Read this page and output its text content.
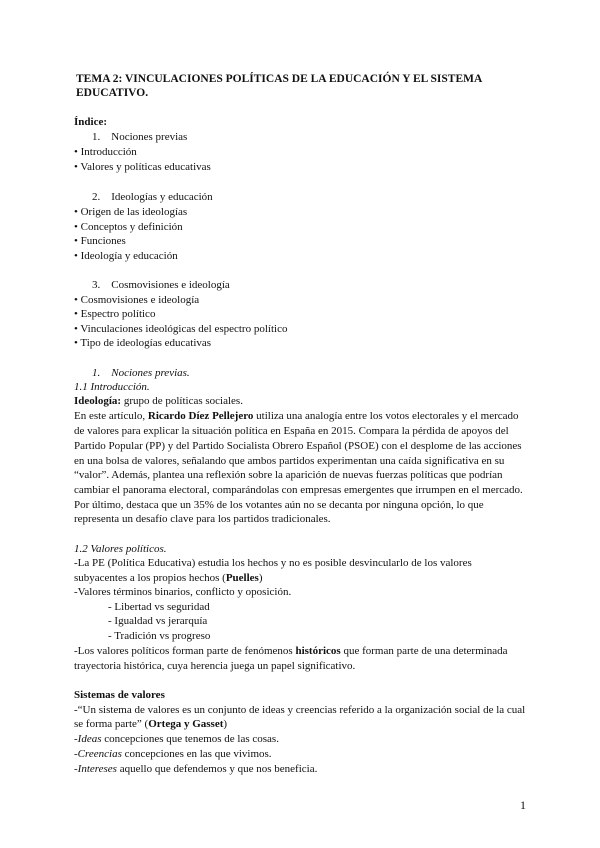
TEMA 2: VINCULACIONES POLÍTICAS DE LA EDUCACIÓN Y EL SISTEMA
EDUCATIVO.
Índice:
1. Nociones previas
• Introducción
• Valores y políticas educativas
2. Ideologías y educación
• Origen de las ideologías
• Conceptos y definición
• Funciones
• Ideología y educación
3. Cosmovisiones e ideología
• Cosmovisiones e ideología
• Espectro político
• Vinculaciones ideológicas del espectro político
• Tipo de ideologías educativas
1. Nociones previas.
1.1 Introducción.
Ideología: grupo de políticas sociales.
En este artículo, Ricardo Díez Pellejero utiliza una analogía entre los votos electorales y el mercado
de valores para explicar la situación política en España en 2015. Compara la pérdida de apoyos del
Partido Popular (PP) y del Partido Socialista Obrero Español (PSOE) con el desplome de las acciones
en una bolsa de valores, señalando que ambos partidos experimentan una caída significativa en su
“valor”. Además, plantea una reflexión sobre la aparición de nuevas fuerzas políticas que podrían
cambiar el panorama electoral, comparándolas con empresas emergentes que irrumpen en el mercado.
Por último, destaca que un 35% de los votantes aún no se decanta por ninguna opción, lo que
representa un desafío clave para los partidos tradicionales.
1.2 Valores políticos.
-La PE (Política Educativa) estudia los hechos y no es posible desvincularlo de los valores
subyacentes a los propios hechos (Puelles)
-Valores términos binarios, conflicto y oposición.
- Libertad vs seguridad
- Igualdad vs jerarquía
- Tradición vs progreso
-Los valores políticos forman parte de fenómenos históricos que forman parte de una determinada
trayectoria histórica, cuya herencia juega un papel significativo.
Sistemas de valores
-“Un sistema de valores es un conjunto de ideas y creencias referido a la organización social de la cual
se forma parte” (Ortega y Gasset)
-Ideas concepciones que tenemos de las cosas.
-Creencias concepciones en las que vivimos.
-Intereses aquello que defendemos y que nos beneficia.
1
